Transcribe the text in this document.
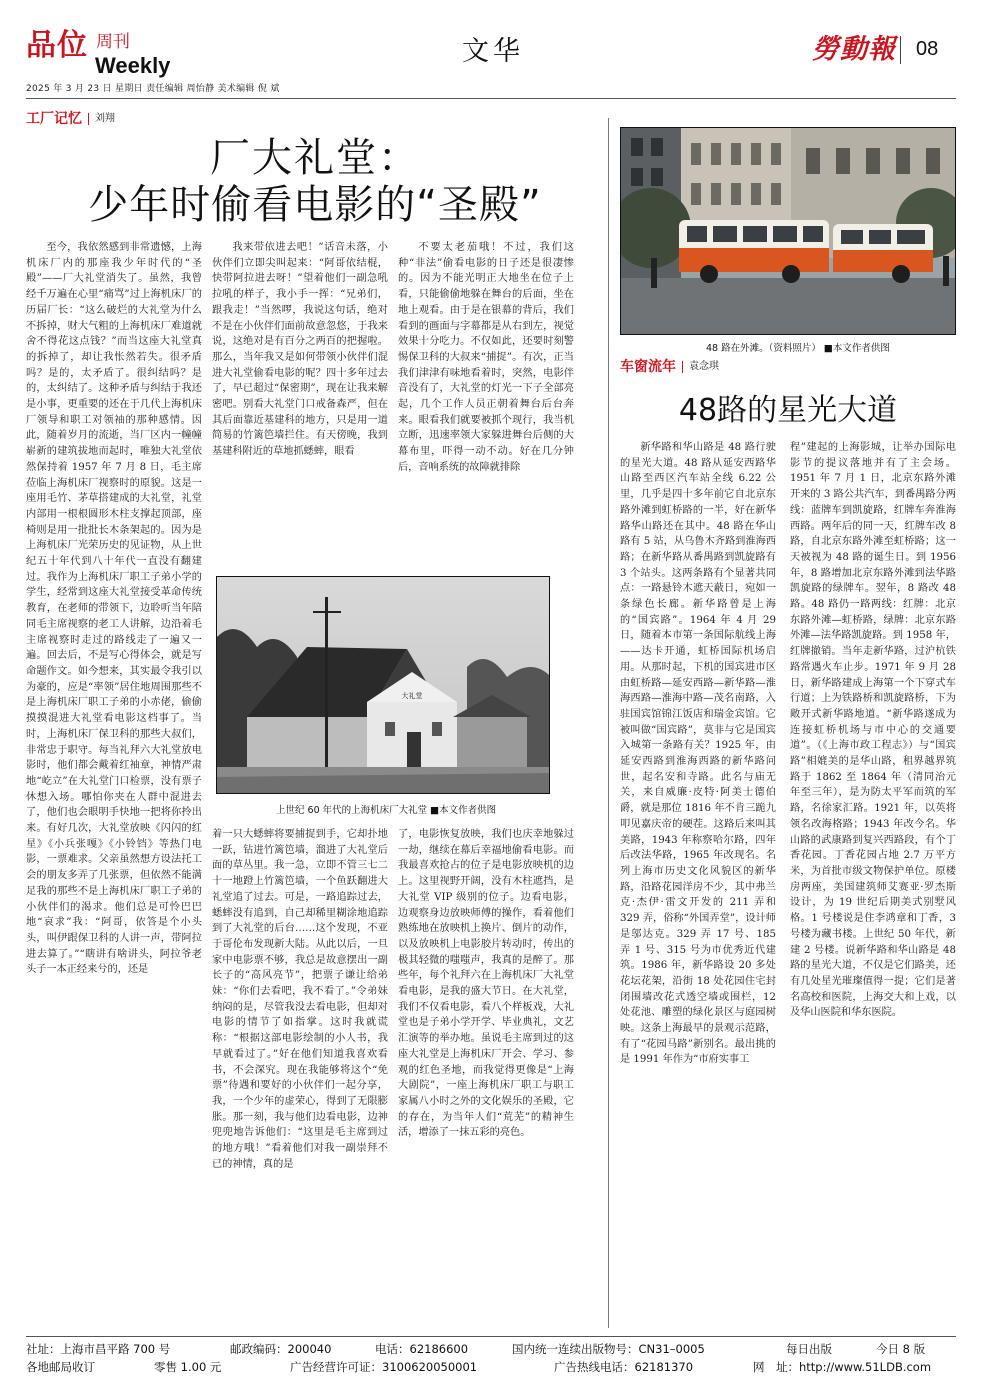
品位 周刊
Weekly	文华	勞動報 08
2025 年 3 月 23 日 星期日 责任编辑 周怡静 美术编辑 倪 斌
工厂记忆 刘翔
厂大礼堂：
少年时偷看电影的“圣殿”

至今，我依然感到非常遗憾，上海机床厂内的那座我少年时代的“圣殿”——厂大礼堂消失了。虽然，我曾经千万遍在心里“痛骂”过上海机床厂的历届厂长：“这么破烂的大礼堂为什么不拆掉，财大气粗的上海机床厂难道就舍不得花这点钱？”而当这座大礼堂真的拆掉了，却让我怅然若失。很矛盾吗？是的，太矛盾了。很纠结吗？是的，太纠结了。这种矛盾与纠结于我还是小事，更重要的还在于几代上海机床厂领导和职工对领袖的那种感情。因此，随着岁月的流逝，当厂区内一幢幢崭新的建筑拔地而起时，唯独大礼堂依然保持着 1957 年 7 月 8 日，毛主席莅临上海机床厂视察时的原貌。这是一座用毛竹、茅草搭建成的大礼堂，礼堂内部用一根根圆形木柱支撑起顶部，座椅则是用一批批长木条架起的。因为是上海机床厂光荣历史的见证物，从上世纪五十年代到八十年代一直没有翻建过。我作为上海机床厂职工子弟小学的学生，经常到这座大礼堂接受革命传统教育，在老师的带领下，边聆听当年陪同毛主席视察的老工人讲解，边沿着毛主席视察时走过的路线走了一遍又一遍。回去后，不是写心得体会，就是写命题作文。如今想来，其实最令我引以为豪的，应是“率领”居住地周围那些不是上海机床厂职工子弟的小赤佬，偷偷摸摸混进大礼堂看电影这档事了。当时，上海机床厂保卫科的那些大叔们，非常忠于职守。每当礼拜六大礼堂放电影时，他们都会戴着红袖章，神情严肃地“屹立”在大礼堂门口检票，没有票子休想入场。哪怕你夹在人群中混进去了，他们也会眼明手快地一把将你拎出来。有好几次，大礼堂放映《闪闪的红星》《小兵张嘎》《小铃铛》等热门电影，一票难求。父亲虽然想方设法托工会的朋友多弄了几张票，但依然不能满足我的那些不是上海机床厂职工子弟的小伙伴们的渴求。他们总是可怜巴巴地“哀求”我：“阿哥，依答是个小头头，叫伊跟保卫科的人讲一声，带阿拉进去算了。”“瞎讲有啥讲头，阿拉爷老头子一本正经来兮的，还是

我来带依进去吧！”话音未落，小伙伴们立即尖叫起来：“阿哥依结棍，快带阿拉进去呀！”望着他们一副急吼拉吼的样子，我小手一挥：“兄弟们，跟我走！”当然啰，我说这句话，绝对不是在小伙伴们面前故意忽悠，于我来说，这绝对是有百分之两百的把握啦。那么，当年我又是如何带领小伙伴们混进大礼堂偷看电影的呢？四十多年过去了，早已超过“保密期”，现在让我来解密吧。别看大礼堂门口戒备森严，但在其后面靠近基建科的地方，只是用一道简易的竹篱笆墙拦住。有天傍晚，我到基建科附近的草地抓蟋蟀，眼看

不要太老茄哦！不过，我们这种“非法”偷看电影的日子还是很凄惨的。因为不能光明正大地坐在位子上看，只能偷偷地躲在舞台的后面，坐在地上观看。由于是在银幕的背后，我们看到的画面与字幕都是从右到左，视觉效果十分吃力。不仅如此，还要时刻警惕保卫科的大叔来“捕捉”。有次，正当我们津津有味地看着时，突然，电影伴音没有了，大礼堂的灯光一下子全部亮起，几个工作人员正朝着舞台后台奔来。眼看我们就要被抓个现行，我当机立断，迅速率领大家躲进舞台后侧的大幕布里，吓得一动不动。好在几分钟后，音响系统的故障就排除

大礼堂
上世纪 60 年代的上海机床厂大礼堂 ■本文作者供图

着一只大蟋蟀将要捕捉到手，它却扑地一跃，钻进竹篱笆墙，溜进了大礼堂后面的草丛里。我一急，立即不管三七二十一地蹬上竹篱笆墙，一个鱼跃翻进大礼堂追了过去。可是，一路追踪过去，蟋蟀没有追到，自己却稀里糊涂地追踪到了大礼堂的后台……这个发现，不亚于哥伦布发现新大陆。从此以后，一旦家中电影票不够，我总是故意摆出一副长子的“高风亮节”，把票子谦让给弟妹：“你们去看吧，我不看了。”令弟妹纳闷的是，尽管我没去看电影，但却对电影的情节了如指掌。这时我就谎称：“根据这部电影绘制的小人书，我早就看过了。”好在他们知道我喜欢看书，不会深究。现在我能够将这个“免票”待遇和要好的小伙伴们一起分享，我，一个少年的虚荣心，得到了无限膨胀。那一刻，我与他们边看电影，边神兜兜地告诉他们：“这里是毛主席到过的地方哦！”看着他们对我一副崇拜不已的神情，真的是

了，电影恢复放映，我们也庆幸地躲过一劫，继续在幕后幸福地偷看电影。而我最喜欢抢占的位子是电影放映机的边上。这里视野开阔，没有木柱遮挡，是大礼堂 VIP 级别的位子。边看电影，边观察身边放映师傅的操作，看着他们熟练地在放映机上换片、倒片的动作，以及放映机上电影胶片转动时，传出的极其轻微的嗤嗤声，我真的是醉了。那些年，每个礼拜六在上海机床厂大礼堂看电影，是我的盛大节日。在大礼堂，我们不仅看电影，看八个样板戏，大礼堂也是子弟小学开学、毕业典礼，文艺汇演等的举办地。虽说毛主席到过的这座大礼堂是上海机床厂开会、学习、参观的红色圣地，而我觉得更像是“上海大剧院”，一座上海机床厂职工与职工家属八小时之外的文化娱乐的圣殿，它的存在，为当年人们“荒芜”的精神生活，增添了一抹五彩的亮色。

48 路在外滩。（资料照片） ■本文作者供图
车窗流年 袁念琪
48路的星光大道

新华路和华山路是 48 路行驶的星光大道。48 路从延安西路华山路至西区汽车站全线 6.22 公里，几乎是四十多年前它自北京东路外滩到虹桥路的一半，好在新华路华山路还在其中。48 路在华山路有 5 站，从乌鲁木齐路到淮海西路；在新华路从番禺路到凯旋路有 3 个站头。这两条路有个显著共同点：一路悬铃木遮天蔽日，宛如一条绿色长廊。新华路曾是上海的“国宾路”。1964 年 4 月 29 日，随着本市第一条国际航线上海——达卡开通，虹桥国际机场启用。从那时起，下机的国宾进市区由虹桥路—延安西路—新华路—淮海西路—淮海中路—茂名南路，入驻国宾馆锦江饭店和瑞金宾馆。它被叫做“国宾路”，莫非与它是国宾入城第一条路有关？1925 年，由延安西路到淮海西路的新华路问世，起名安和寺路。此名与庙无关，来自威廉·皮特·阿美士德伯爵，就是那位 1816 年不肯三跪九叩见嘉庆帝的硬茬。这路后来叫其美路，1943 年称察哈尔路，四年后改法华路，1965 年改现名。名列上海市历史文化风貌区的新华路，沿路花园洋房不少，其中弗兰克·杰伊·雷文开发的 211 弄和 329 弄，俗称“外国弄堂”，设计师是邬达克。329 弄 17 号、185 弄 1 号、315 号为市优秀近代建筑。1986 年，新华路设 20 多处花坛花架，沿街 18 处花园住宅封闭围墙改花式透空墙或围栏，12 处花池、雕塑的绿化景区与庭园树映。这条上海最早的景观示范路，有了“花园马路”新别名。最出挑的是 1991 年作为“市府实事工

程”建起的上海影城，让举办国际电影节的提议落地并有了主会场。1951 年 7 月 1 日，北京东路外滩开来的 3 路公共汽车，到番禺路分两线：蓝牌车到凯旋路，红牌车奔淮海西路。两年后的同一天，红牌车改 8 路，自北京东路外滩至虹桥路；这一天被视为 48 路的诞生日。到 1956 年，8 路增加北京东路外滩到法华路凯旋路的绿牌车。翌年，8 路改 48 路。48 路仍一路两线：红牌：北京东路外滩—虹桥路，绿牌：北京东路外滩—法华路凯旋路。到 1958 年，红牌撤销。当年走新华路，过沪杭铁路常遇火车止步。1971 年 9 月 28 日，新华路建成上海第一个下穿式车行道；上为铁路桥和凯旋路桥，下为敞开式新华路地道。“新华路遂成为连接虹桥机场与市中心的交通要道”。（《上海市政工程志》）与“国宾路”相媲美的是华山路，租界越界筑路于 1862 至 1864 年（清同治元年至三年），是为防太平军而筑的军路，名徐家汇路。1921 年，以英将领名改海格路；1943 年改今名。华山路的武康路到复兴西路段，有个丁香花园。丁香花园占地 2.7 万平方米，为首批市级文物保护单位。原楼房两座，美国建筑师艾赛亚·罗杰斯设计，为 19 世纪后期美式别墅风格。1 号楼说是住李鸿章和丁香，3 号楼为藏书楼。上世纪 50 年代，新建 2 号楼。说新华路和华山路是 48 路的星光大道，不仅是它们路美，还有几处星光璀璨值得一提；它们是著名高校和医院，上海交大和上戏，以及华山医院和华东医院。

社址：上海市昌平路 700 号	邮政编码：200040	电话：62186600	国内统一连续出版物号：CN31–0005	每日出版	今日 8 版
各地邮局收订	零售 1.00 元	广告经营许可证：3100620050001	广告热线电话：62181370	网　址：http://www.51LDB.com
